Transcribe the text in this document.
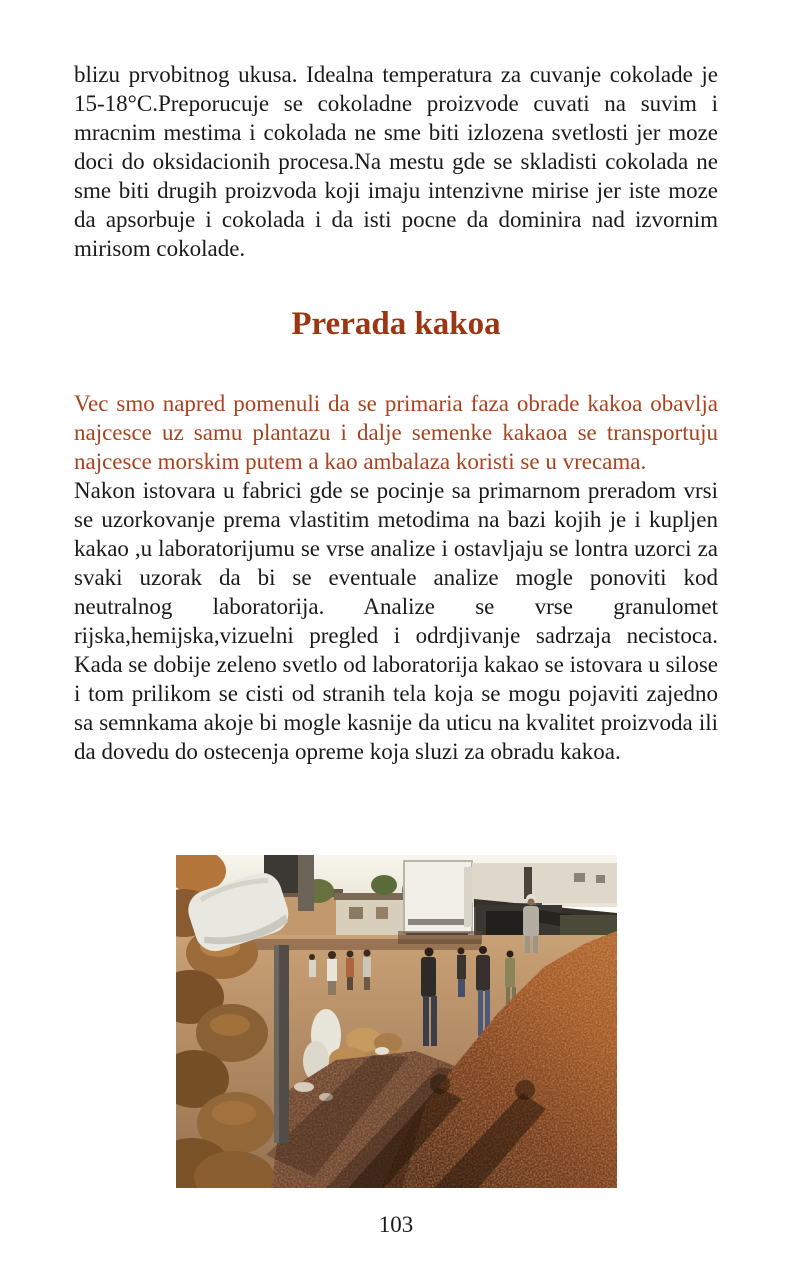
blizu prvobitnog ukusa. Idealna temperatura za cuvanje cokolade je 15-18°C.Preporucuje se cokoladne proizvode cuvati na suvim i mracnim mestima i cokolada ne sme biti izlozena svetlosti jer moze doci do oksidacionih procesa.Na mestu gde se skladisti cokolada ne sme biti drugih proizvoda koji imaju intenzivne mirise jer iste moze da apsorbuje i cokolada i da isti pocne da dominira nad izvornim mirisom cokolade.

Prerada kakoa

Vec smo napred pomenuli da se primaria faza obrade kakoa obavlja najcesce uz samu plantazu i dalje semenke kakaoa se transportuju najcesce morskim putem a kao ambalaza koristi se u vrecama.

Nakon istovara u fabrici gde se pocinje sa primarnom preradom vrsi se uzorkovanje prema vlastitim metodima na bazi kojih je i kupljen kakao ,u laboratorijumu se vrse analize i ostavljaju se lontra uzorci za svaki uzorak da bi se eventuale analize mogle ponoviti kod neutralnog laboratorija. Analize se vrse granulomet rijska,hemijska,vizuelni pregled i odrdjivanje sadrzaja necistoca. Kada se dobije zeleno svetlo od laboratorija kakao se istovara u silose i tom prilikom se cisti od stranih tela koja se mogu pojaviti zajedno sa semnkama akoje bi mogle kasnije da uticu na kvalitet proizvoda ili da dovedu do ostecenja opreme koja sluzi za obradu kakoa.

103
